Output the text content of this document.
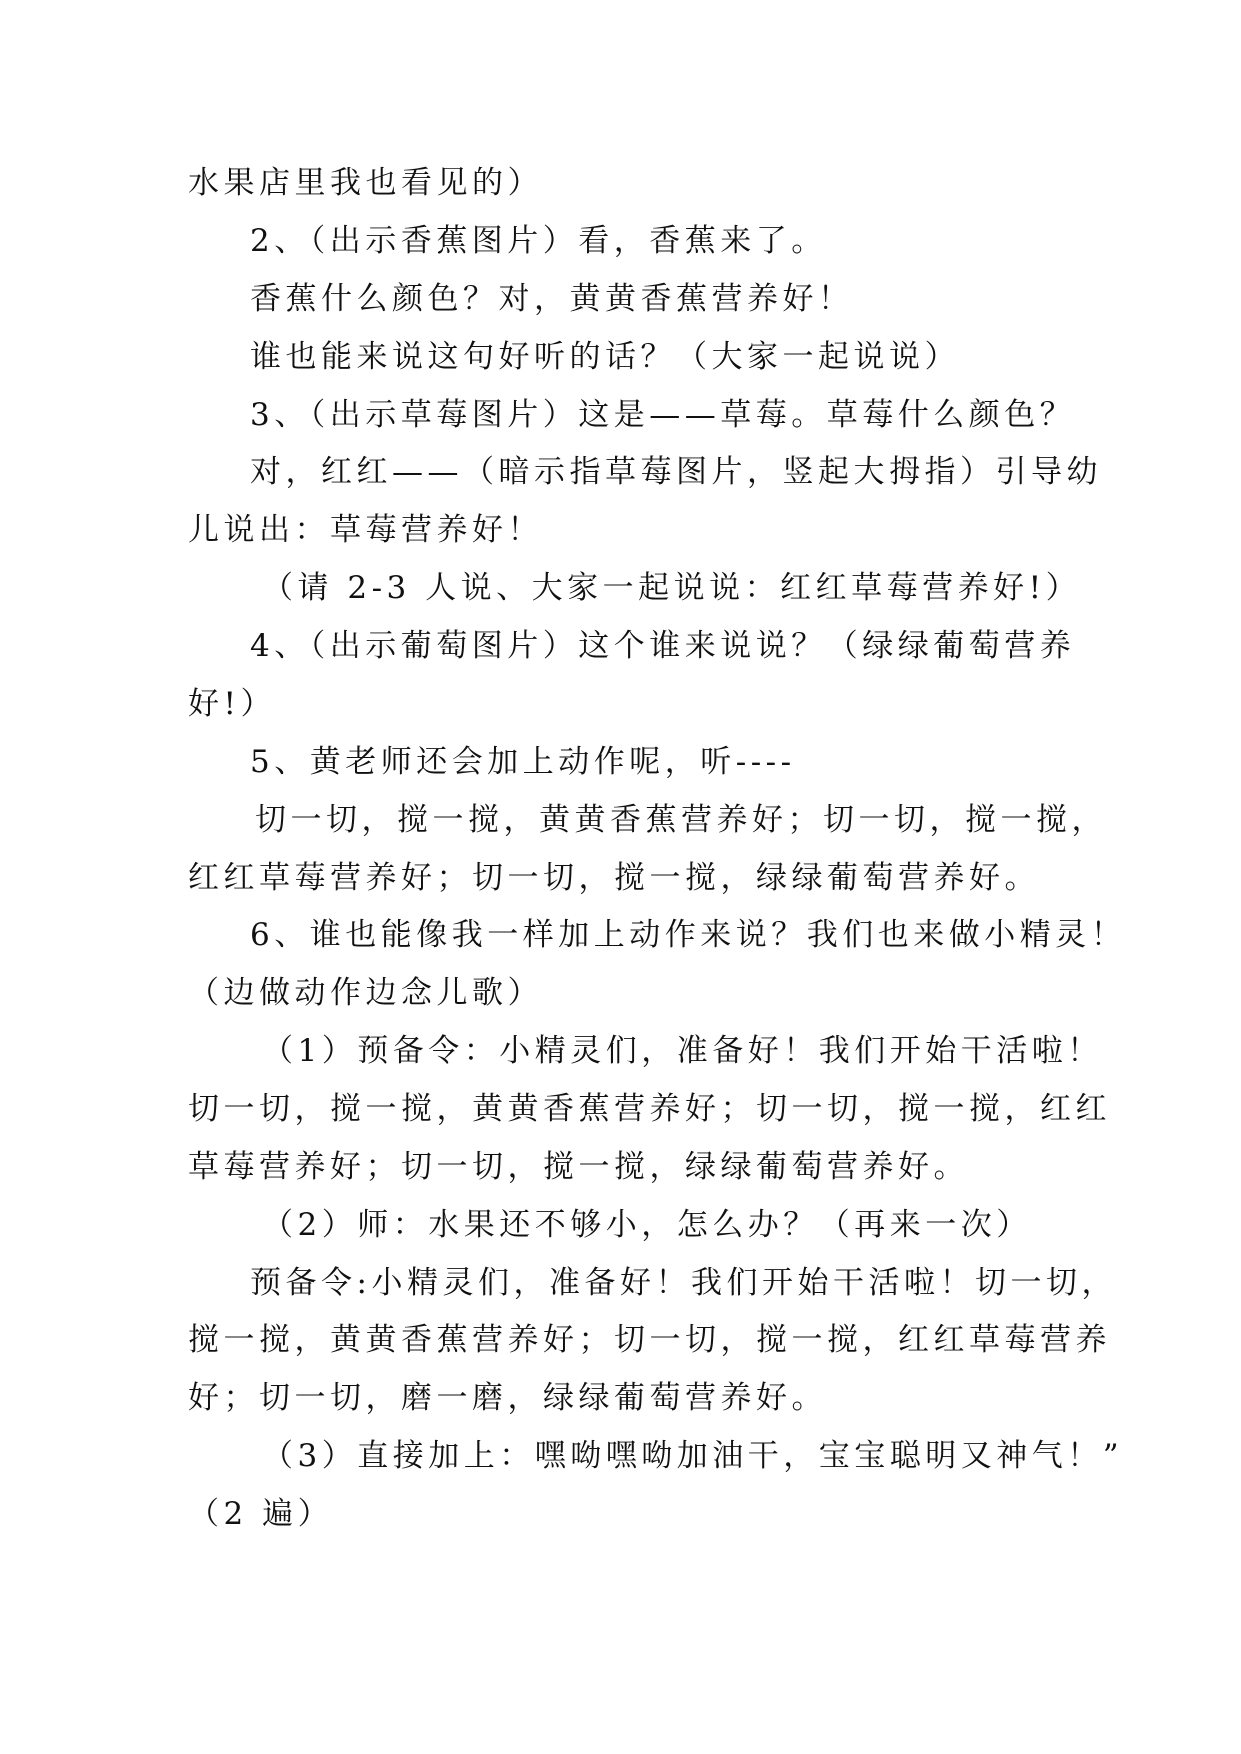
水果店里我也看见的）
2、（出示香蕉图片）看，香蕉来了。
香蕉什么颜色？对，黄黄香蕉营养好！
谁也能来说这句好听的话？（大家一起说说）
3、（出示草莓图片）这是——草莓。草莓什么颜色？
对，红红——（暗示指草莓图片，竖起大拇指）引导幼
儿说出：草莓营养好！
（请 2-3 人说、大家一起说说：红红草莓营养好!）
4、（出示葡萄图片）这个谁来说说？（绿绿葡萄营养
好!）
5、黄老师还会加上动作呢，听----
切一切，搅一搅，黄黄香蕉营养好；切一切，搅一搅，
红红草莓营养好；切一切，搅一搅，绿绿葡萄营养好。
6、谁也能像我一样加上动作来说？我们也来做小精灵！
（边做动作边念儿歌）
（1）预备令：小精灵们，准备好！我们开始干活啦！
切一切，搅一搅，黄黄香蕉营养好；切一切，搅一搅，红红
草莓营养好；切一切，搅一搅，绿绿葡萄营养好。
（2）师：水果还不够小，怎么办？（再来一次）
预备令:小精灵们，准备好！我们开始干活啦！切一切，
搅一搅，黄黄香蕉营养好；切一切，搅一搅，红红草莓营养
好；切一切，磨一磨，绿绿葡萄营养好。
（3）直接加上：嘿呦嘿呦加油干，宝宝聪明又神气！”
（2 遍）
